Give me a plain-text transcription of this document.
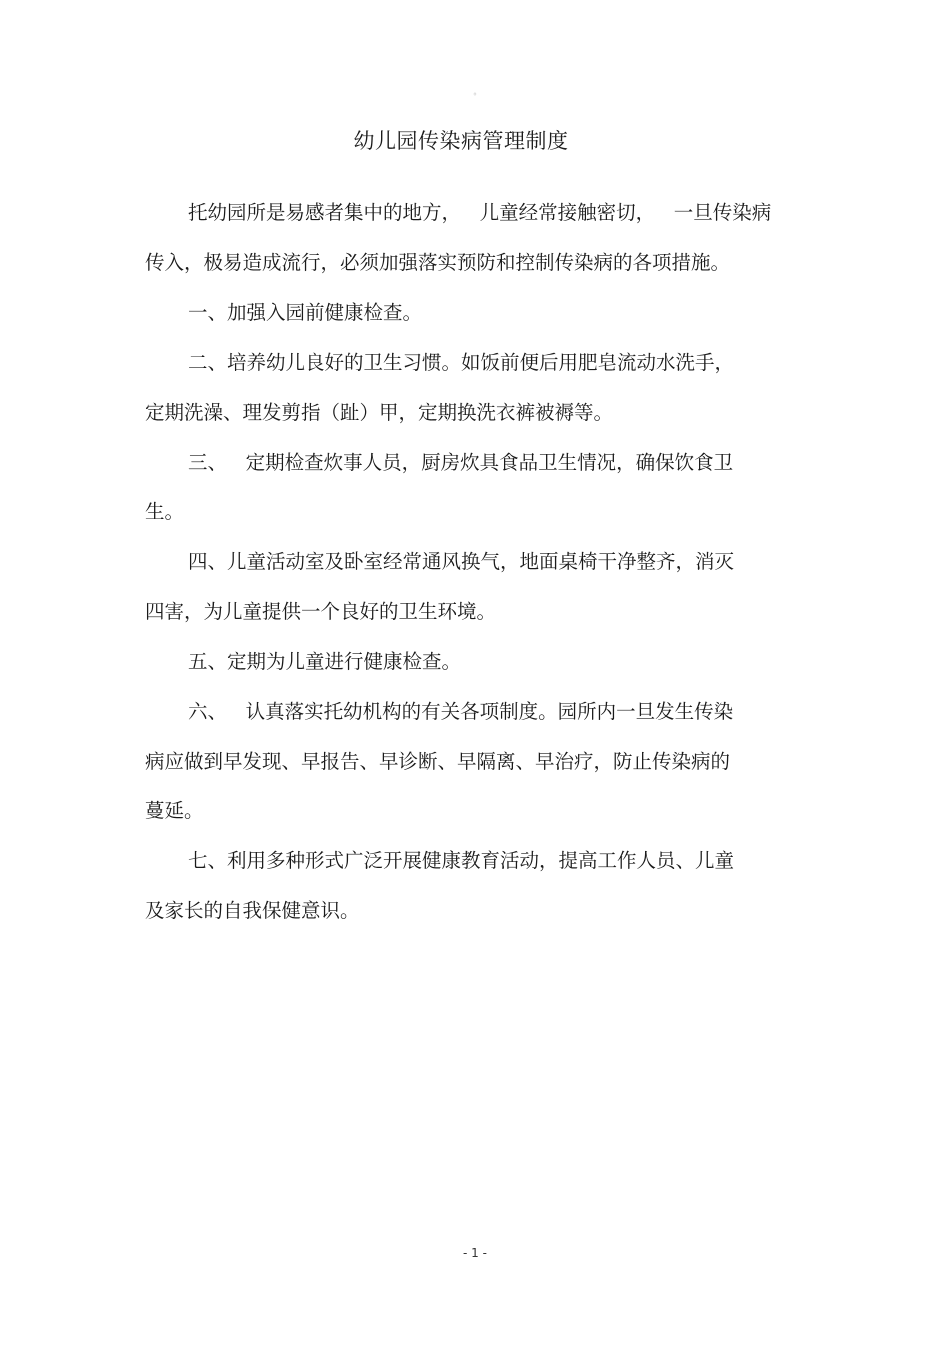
◦
幼儿园传染病管理制度

托幼园所是易感者集中的地方，   儿童经常接触密切，   一旦传染病

传入，极易造成流行，必须加强落实预防和控制传染病的各项措施。

一、加强入园前健康检查。

二、培养幼儿良好的卫生习惯。如饭前便后用肥皂流动水洗手，

定期洗澡、理发剪指（趾）甲，定期换洗衣裤被褥等。

三、   定期检查炊事人员，厨房炊具食品卫生情况，确保饮食卫

生。

四、儿童活动室及卧室经常通风换气，地面桌椅干净整齐，消灭

四害，为儿童提供一个良好的卫生环境。

五、定期为儿童进行健康检查。

六、   认真落实托幼机构的有关各项制度。园所内一旦发生传染

病应做到早发现、早报告、早诊断、早隔离、早治疗，防止传染病的

蔓延。

七、利用多种形式广泛开展健康教育活动，提高工作人员、儿童

及家长的自我保健意识。

- 1 -
